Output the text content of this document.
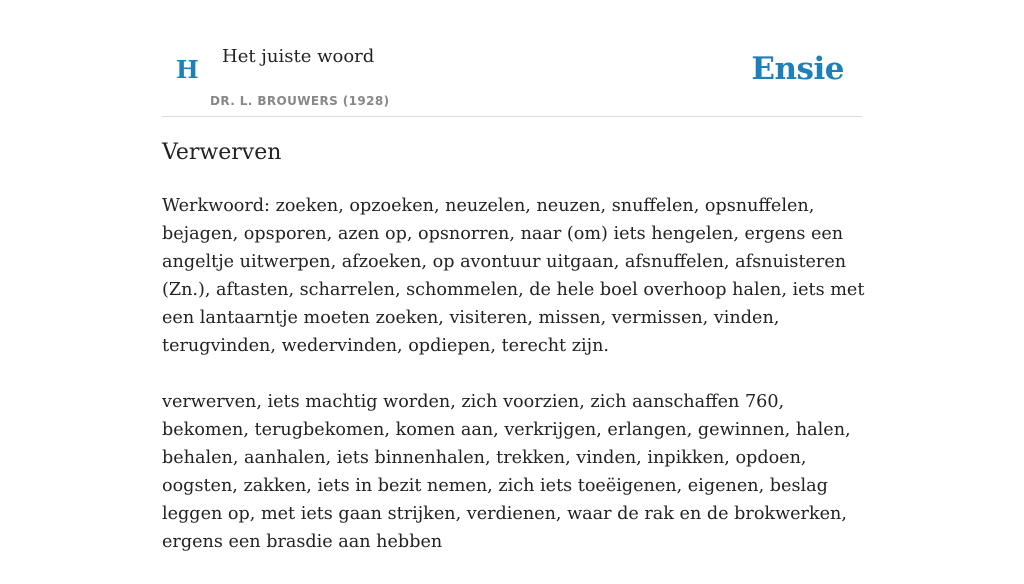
H Het juiste woord
DR. L. BROUWERS (1928)
Ensie
Verwerven

Werkwoord: zoeken, opzoeken, neuzelen, neuzen, snuffelen, opsnuffelen, bejagen, opsporen, azen op, opsnorren, naar (om) iets hengelen, ergens een angeltje uitwerpen, afzoeken, op avontuur uitgaan, afsnuffelen, afsnuisteren (Zn.), aftasten, scharrelen, schommelen, de hele boel overhoop halen, iets met een lantaarntje moeten zoeken, visiteren, missen, vermissen, vinden, terugvinden, wedervinden, opdiepen, terecht zijn.

verwerven, iets machtig worden, zich voorzien, zich aanschaffen 760, bekomen, terugbekomen, komen aan, verkrijgen, erlangen, gewinnen, halen, behalen, aanhalen, iets binnenhalen, trekken, vinden, inpikken, opdoen, oogsten, zakken, iets in bezit nemen, zich iets toeëigenen, eigenen, beslag leggen op, met iets gaan strijken, verdienen, waar de rak en de brokwerken, ergens een brasdie aan hebben
